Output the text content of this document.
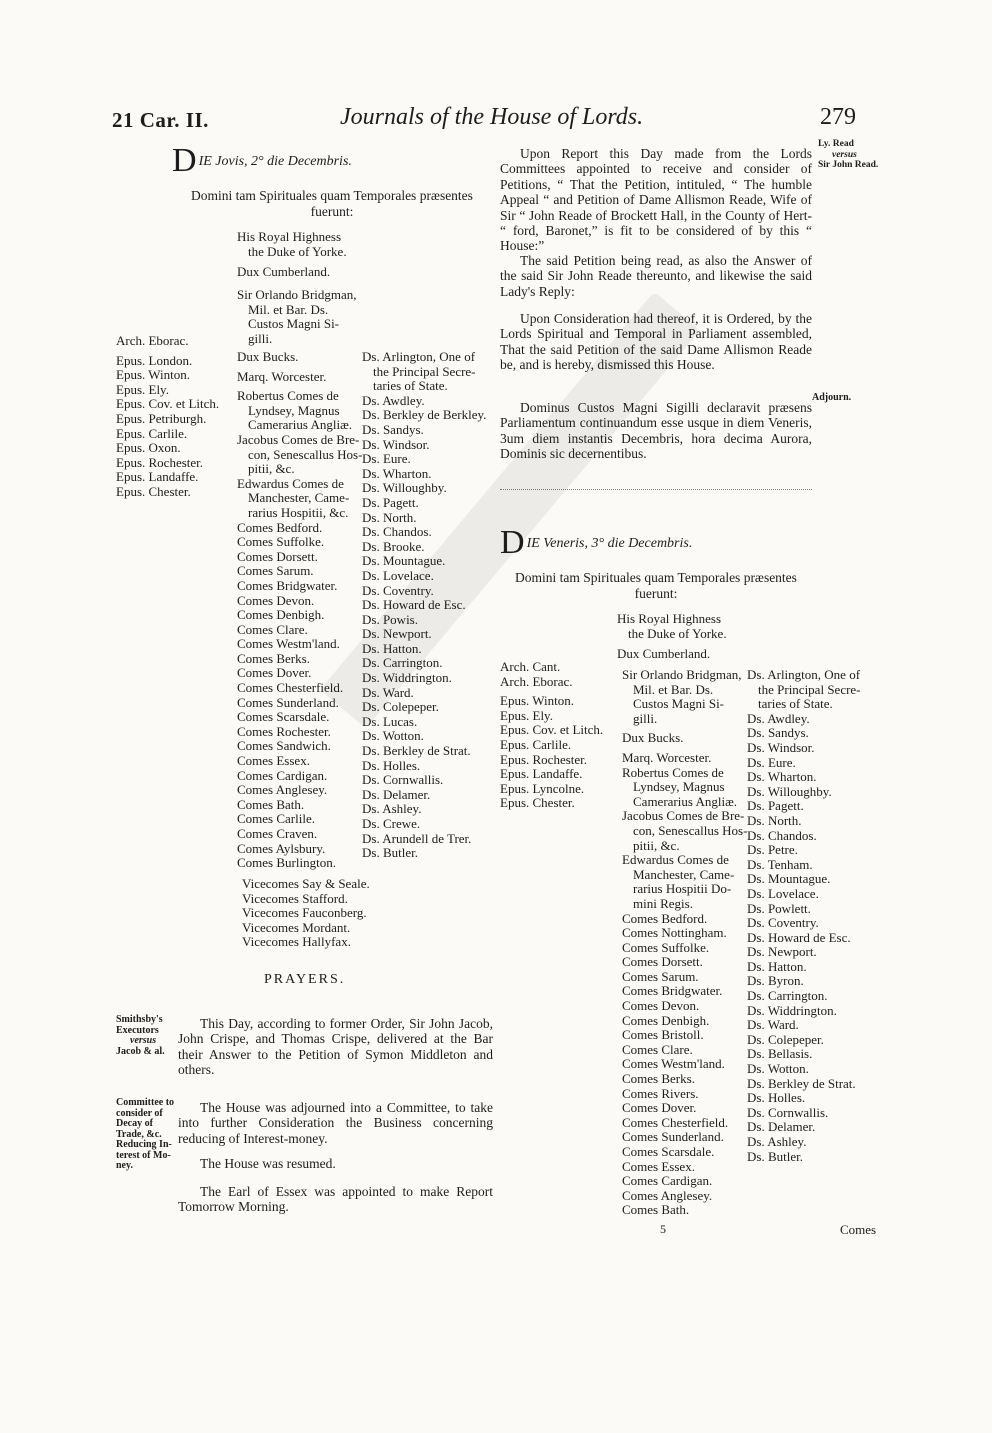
21 Car. II.	Journals of the House of Lords.	279
DIE Jovis, 2° die Decembris.
Domini tam Spirituales quam Temporales præsentes fuerunt:
His Royal Highness
the Duke of Yorke.
Dux Cumberland.
Sir Orlando Bridgman,
Mil. et Bar. Ds.
Custos Magni Si-
gilli.
Arch. Eborac.
Epus. London.
Epus. Winton.
Epus. Ely.
Epus. Cov. et Litch.
Epus. Petriburgh.
Epus. Carlile.
Epus. Oxon.
Epus. Rochester.
Epus. Landaffe.
Epus. Chester.
Dux Bucks.
Marq. Worcester.
Robertus Comes de
Lyndsey, Magnus
Camerarius Angliæ.
Jacobus Comes de Bre-
con, Senescallus Hos-
pitii, &c.
Edwardus Comes de
Manchester, Came-
rarius Hospitii, &c.
Comes Bedford.
Comes Suffolke.
Comes Dorsett.
Comes Sarum.
Comes Bridgwater.
Comes Devon.
Comes Denbigh.
Comes Clare.
Comes Westm'land.
Comes Berks.
Comes Dover.
Comes Chesterfield.
Comes Sunderland.
Comes Scarsdale.
Comes Rochester.
Comes Sandwich.
Comes Essex.
Comes Cardigan.
Comes Anglesey.
Comes Bath.
Comes Carlile.
Comes Craven.
Comes Aylsbury.
Comes Burlington.
Vicecomes Say & Seale.
Vicecomes Stafford.
Vicecomes Fauconberg.
Vicecomes Mordant.
Vicecomes Hallyfax.
Ds. Arlington, One of
the Principal Secre-
taries of State.
Ds. Awdley.
Ds. Berkley de Berkley.
Ds. Sandys.
Ds. Windsor.
Ds. Eure.
Ds. Wharton.
Ds. Willoughby.
Ds. Pagett.
Ds. North.
Ds. Chandos.
Ds. Brooke.
Ds. Mountague.
Ds. Lovelace.
Ds. Coventry.
Ds. Howard de Esc.
Ds. Powis.
Ds. Newport.
Ds. Hatton.
Ds. Carrington.
Ds. Widdrington.
Ds. Ward.
Ds. Colepeper.
Ds. Lucas.
Ds. Wotton.
Ds. Berkley de Strat.
Ds. Holles.
Ds. Cornwallis.
Ds. Delamer.
Ds. Ashley.
Ds. Crewe.
Ds. Arundell de Trer.
Ds. Butler.
PRAYERS.
Smithsby's
Executors
versus
Jacob & al.
This Day, according to former Order, Sir John Jacob, John Crispe, and Thomas Crispe, delivered at the Bar their Answer to the Petition of Symon Middleton and others.
Committee to
consider of
Decay of
Trade, &c.
Reducing In-
terest of Mo-
ney.
The House was adjourned into a Committee, to take into further Consideration the Business concerning reducing of Interest-money.
The House was resumed.
The Earl of Essex was appointed to make Report Tomorrow Morning.
Ly. Read
versus
Sir John Read.
Upon Report this Day made from the Lords Committees appointed to receive and consider of Petitions, “ That the Petition, intituled, “ The humble Appeal “ and Petition of Dame Allismon Reade, Wife of Sir “ John Reade of Brockett Hall, in the County of Hert- “ ford, Baronet,” is fit to be considered of by this “ House:”
The said Petition being read, as also the Answer of the said Sir John Reade thereunto, and likewise the said Lady's Reply:
Upon Consideration had thereof, it is Ordered, by the Lords Spiritual and Temporal in Parliament assembled, That the said Petition of the said Dame Allismon Reade be, and is hereby, dismissed this House.
Adjourn.
Dominus Custos Magni Sigilli declaravit præsens Parliamentum continuandum esse usque in diem Veneris, 3um diem instantis Decembris, hora decima Aurora, Dominis sic decernentibus.
DIE Veneris, 3° die Decembris.
Domini tam Spirituales quam Temporales præsentes fuerunt:
His Royal Highness
the Duke of Yorke.
Dux Cumberland.
Arch. Cant.
Arch. Eborac.
Epus. Winton.
Epus. Ely.
Epus. Cov. et Litch.
Epus. Carlile.
Epus. Rochester.
Epus. Landaffe.
Epus. Lyncolne.
Epus. Chester.
Sir Orlando Bridgman,
Mil. et Bar. Ds.
Custos Magni Si-
gilli.
Dux Bucks.
Marq. Worcester.
Robertus Comes de
Lyndsey, Magnus
Camerarius Angliæ.
Jacobus Comes de Bre-
con, Senescallus Hos-
pitii, &c.
Edwardus Comes de
Manchester, Came-
rarius Hospitii Do-
mini Regis.
Comes Bedford.
Comes Nottingham.
Comes Suffolke.
Comes Dorsett.
Comes Sarum.
Comes Bridgwater.
Comes Devon.
Comes Denbigh.
Comes Bristoll.
Comes Clare.
Comes Westm'land.
Comes Berks.
Comes Rivers.
Comes Dover.
Comes Chesterfield.
Comes Sunderland.
Comes Scarsdale.
Comes Essex.
Comes Cardigan.
Comes Anglesey.
Comes Bath.
Ds. Arlington, One of
the Principal Secre-
taries of State.
Ds. Awdley.
Ds. Sandys.
Ds. Windsor.
Ds. Eure.
Ds. Wharton.
Ds. Willoughby.
Ds. Pagett.
Ds. North.
Ds. Chandos.
Ds. Petre.
Ds. Tenham.
Ds. Mountague.
Ds. Lovelace.
Ds. Powlett.
Ds. Coventry.
Ds. Howard de Esc.
Ds. Newport.
Ds. Hatton.
Ds. Byron.
Ds. Carrington.
Ds. Widdrington.
Ds. Ward.
Ds. Colepeper.
Ds. Bellasis.
Ds. Wotton.
Ds. Berkley de Strat.
Ds. Holles.
Ds. Cornwallis.
Ds. Delamer.
Ds. Ashley.
Ds. Butler.
5	Comes
